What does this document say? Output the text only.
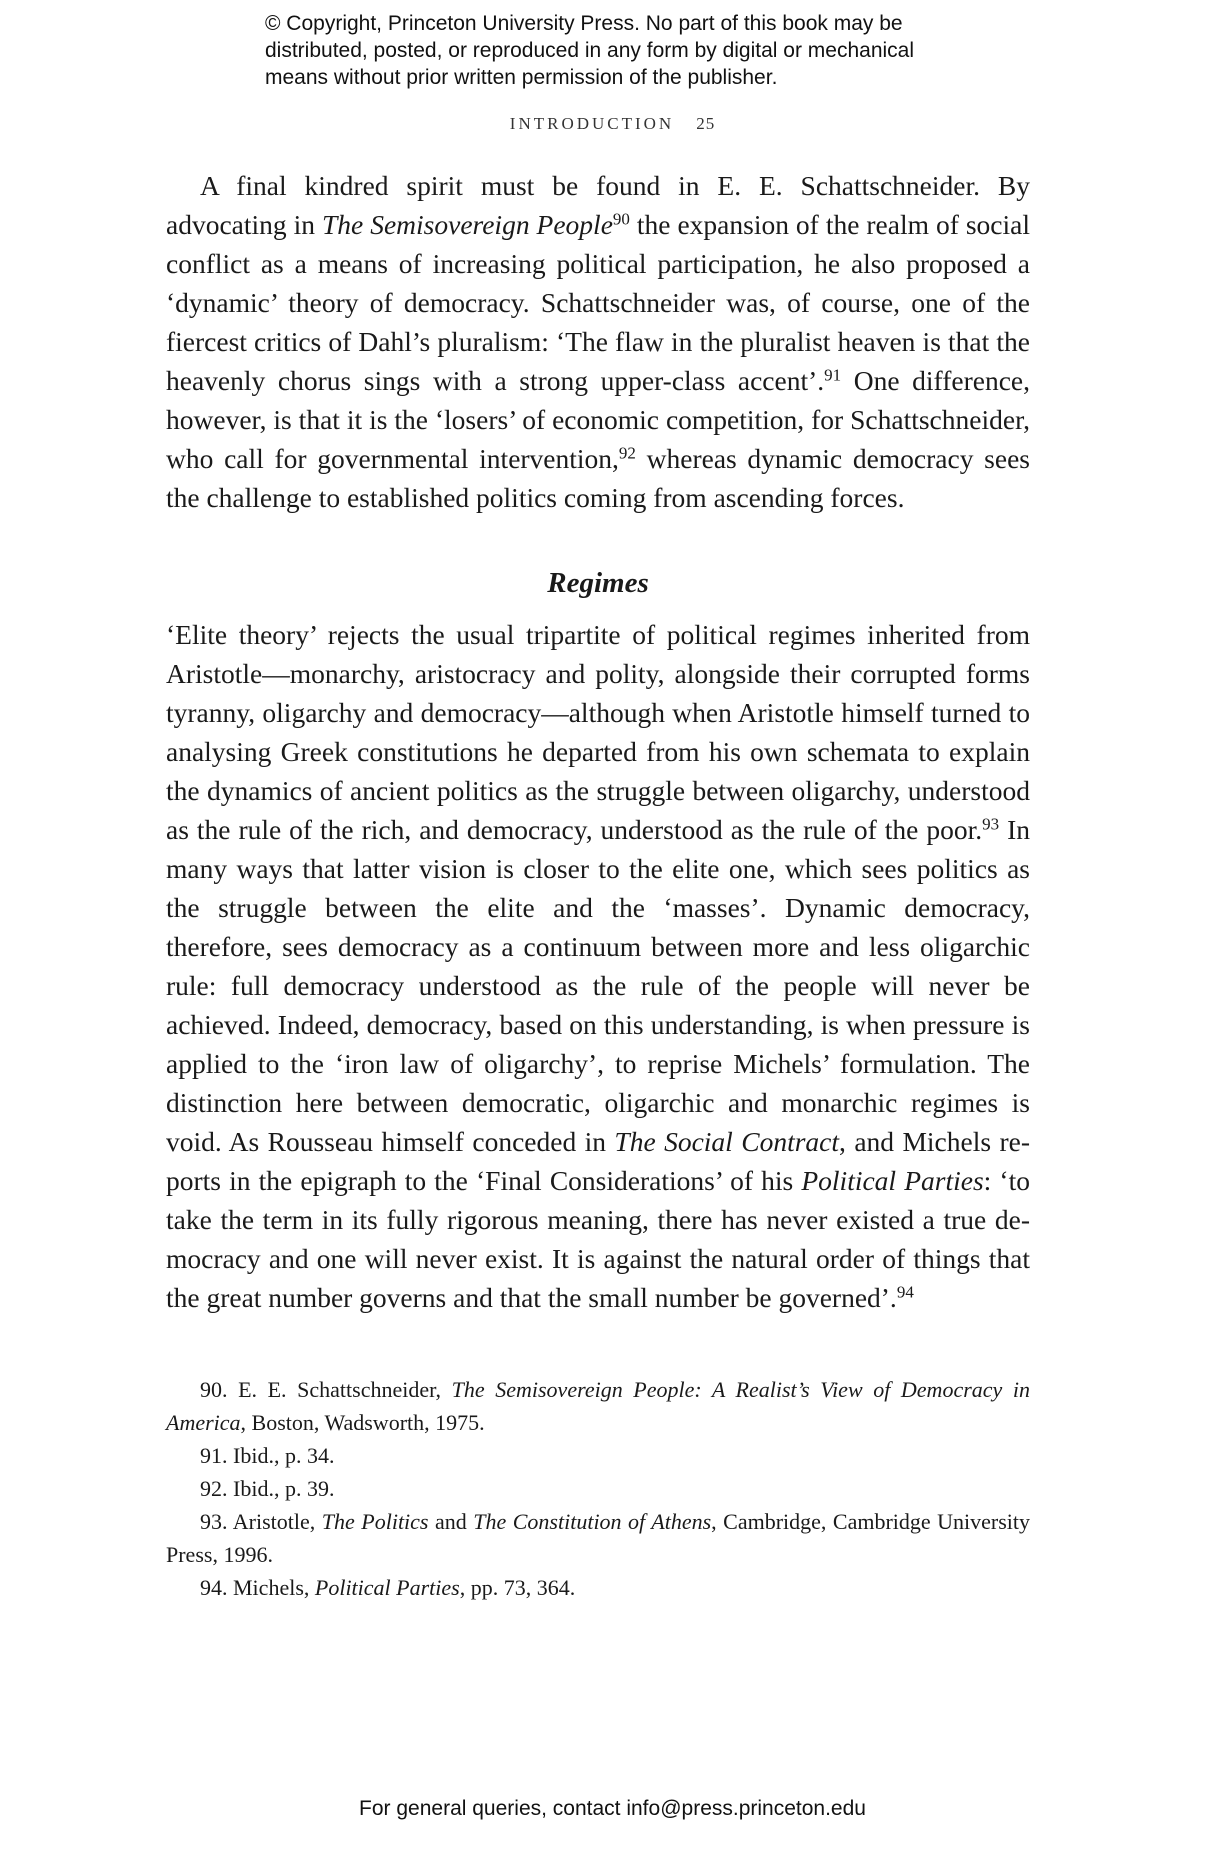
© Copyright, Princeton University Press. No part of this book may be
distributed, posted, or reproduced in any form by digital or mechanical
means without prior written permission of the publisher.
INTRODUCTION 25

A final kindred spirit must be found in E. E. Schattschneider. By advocating in The Semisovereign People$^{90}$ the expansion of the realm of social conflict as a means of increasing political participation, he also proposed a ‘dynamic’ theory of democracy. Schattschneider was, of course, one of the fiercest critics of Dahl’s pluralism: ‘The flaw in the pluralist heaven is that the heavenly chorus sings with a strong upper-class accent’.$^{91}$ One difference, however, is that it is the ‘losers’ of economic competition, for Schattschneider, who call for governmental intervention,$^{92}$ whereas dynamic democracy sees the challenge to established politics coming from ascending forces.

Regimes

‘Elite theory’ rejects the usual tripartite of political regimes inherited from Aristotle—monarchy, aristocracy and polity, alongside their corrupted forms tyranny, oligarchy and democracy—although when Aristotle himself turned to analysing Greek constitutions he departed from his own schemata to explain the dynamics of ancient politics as the struggle between oligarchy, understood as the rule of the rich, and democracy, understood as the rule of the poor.$^{93}$ In many ways that latter vision is closer to the elite one, which sees politics as the struggle between the elite and the ‘masses’. Dynamic democracy, therefore, sees democracy as a continuum between more and less oligarchic rule: full democracy understood as the rule of the people will never be achieved. Indeed, democracy, based on this understanding, is when pressure is applied to the ‘iron law of oligarchy’, to reprise Michels’ formulation. The distinction here between democratic, oligarchic and monarchic regimes is void. As Rousseau himself conceded in The Social Contract, and Michels reports in the epigraph to the ‘Final Considerations’ of his Political Parties: ‘to take the term in its fully rigorous meaning, there has never existed a true democracy and one will never exist. It is against the natural order of things that the great number governs and that the small number be governed’.$^{94}$

90. E. E. Schattschneider, The Semisovereign People: A Realist’s View of Democracy in America, Boston, Wadsworth, 1975.

91. Ibid., p. 34.

92. Ibid., p. 39.

93. Aristotle, The Politics and The Constitution of Athens, Cambridge, Cambridge University Press, 1996.

94. Michels, Political Parties, pp. 73, 364.

For general queries, contact info@press.princeton.edu
